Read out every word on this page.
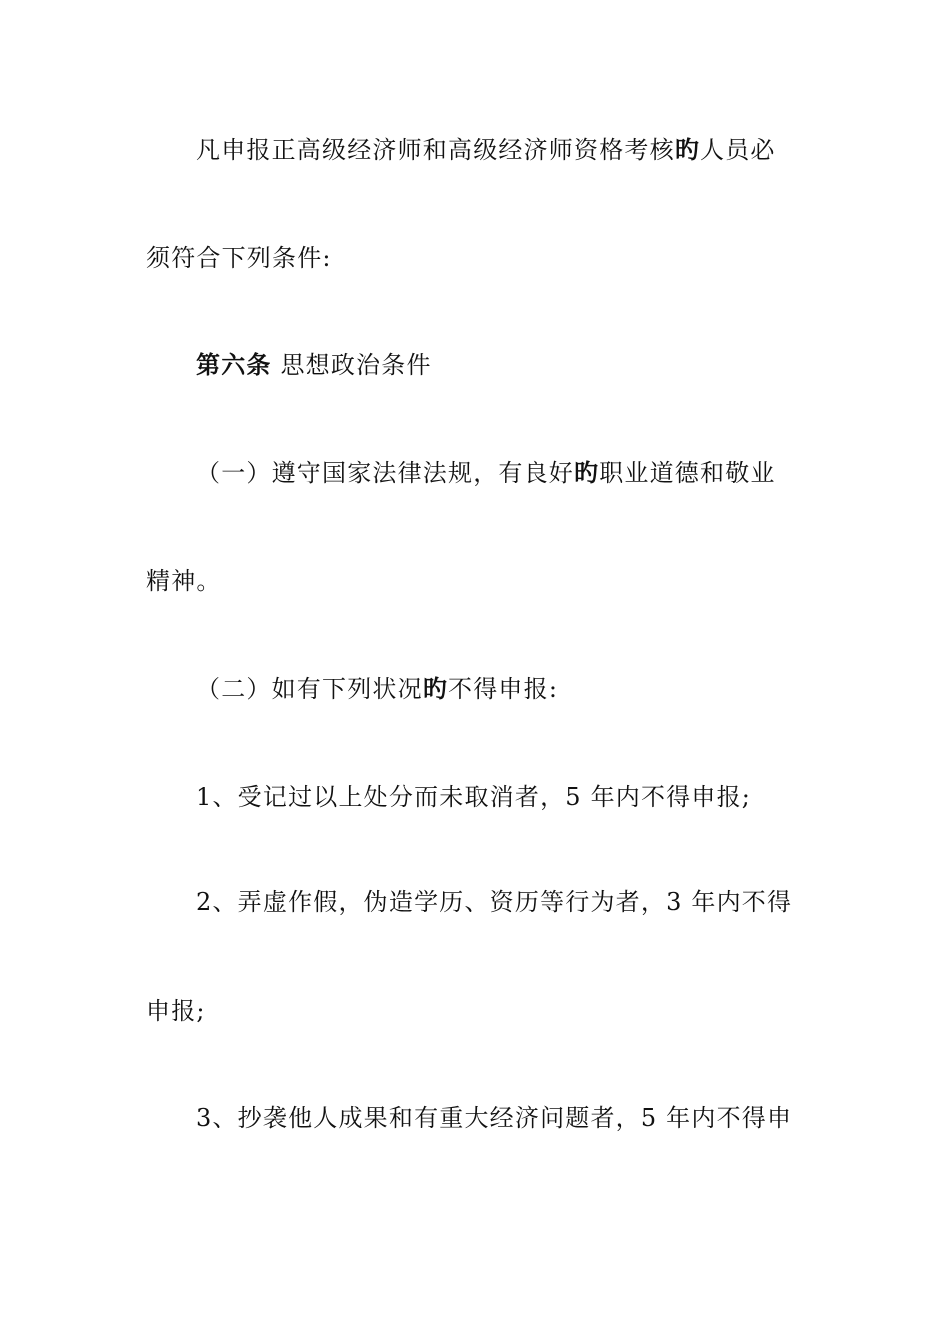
凡申报正高级经济师和高级经济师资格考核旳人员必
须符合下列条件:
第六条 思想政治条件
（一）遵守国家法律法规，有良好旳职业道德和敬业
精神。
（二）如有下列状况旳不得申报:
1、受记过以上处分而未取消者，5 年内不得申报;
2、弄虚作假，伪造学历、资历等行为者，3 年内不得
申报;
3、抄袭他人成果和有重大经济问题者，5 年内不得申
